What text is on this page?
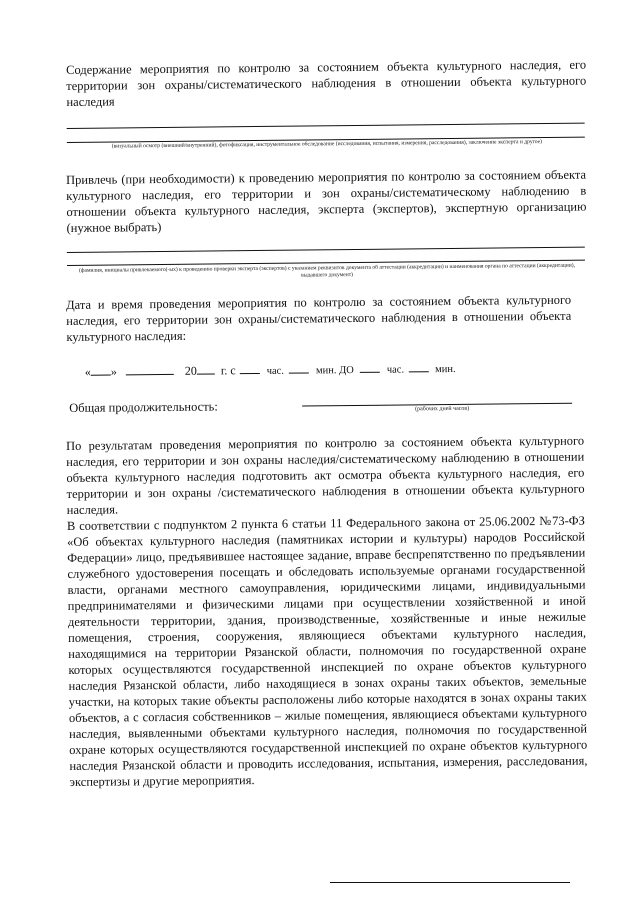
Содержание мероприятия по контролю за состоянием объекта культурного наследия, его территории зон охраны/систематического наблюдения в отношении объекта культурного наследия
(визуальный осмотр (внешний/внутренний), фотофиксация, инструментальное обследование (исследования, испытания, измерения, расследования), заключение эксперта и другое)
Привлечь (при необходимости) к проведению мероприятия по контролю за состоянием объекта культурного наследия, его территории и зон охраны/систематическому наблюдению в отношении объекта культурного наследия, эксперта (экспертов), экспертную организацию (нужное выбрать)
(фамилия, инициалы привлекаемого(-ых) к проведению проверки эксперта (экспертов) с указанием реквизитов документа об аттестации (аккредитации) и наименования органа по аттестации (аккредитации), выдавшего документ)
Дата и время проведения мероприятия по контролю за состоянием объекта культурного наследия, его территории зон охраны/систематического наблюдения в отношении объекта культурного наследия:
« »	20 г. с	час.	мин. ДО	час.	мин.
Общая продолжительность:	(рабочих дней часов)
По результатам проведения мероприятия по контролю за состоянием объекта культурного наследия, его территории и зон охраны наследия/систематическому наблюдению в отношении объекта культурного наследия подготовить акт осмотра объекта культурного наследия, его территории и зон охраны /систематического наблюдения в отношении объекта культурного наследия.
В соответствии с подпунктом 2 пункта 6 статьи 11 Федерального закона от 25.06.2002 №73-ФЗ «Об объектах культурного наследия (памятниках истории и культуры) народов Российской Федерации» лицо, предъявившее настоящее задание, вправе беспрепятственно по предъявлении служебного удостоверения посещать и обследовать используемые органами государственной власти, органами местного самоуправления, юридическими лицами, индивидуальными предпринимателями и физическими лицами при осуществлении хозяйственной и иной деятельности территории, здания, производственные, хозяйственные и иные нежилые помещения, строения, сооружения, являющиеся объектами культурного наследия, находящимися на территории Рязанской области, полномочия по государственной охране которых осуществляются государственной инспекцией по охране объектов культурного наследия Рязанской области, либо находящиеся в зонах охраны таких объектов, земельные участки, на которых такие объекты расположены либо которые находятся в зонах охраны таких объектов, а с согласия собственников – жилые помещения, являющиеся объектами культурного наследия, выявленными объектами культурного наследия, полномочия по государственной охране которых осуществляются государственной инспекцией по охране объектов культурного наследия Рязанской области и проводить исследования, испытания, измерения, расследования, экспертизы и другие мероприятия.
